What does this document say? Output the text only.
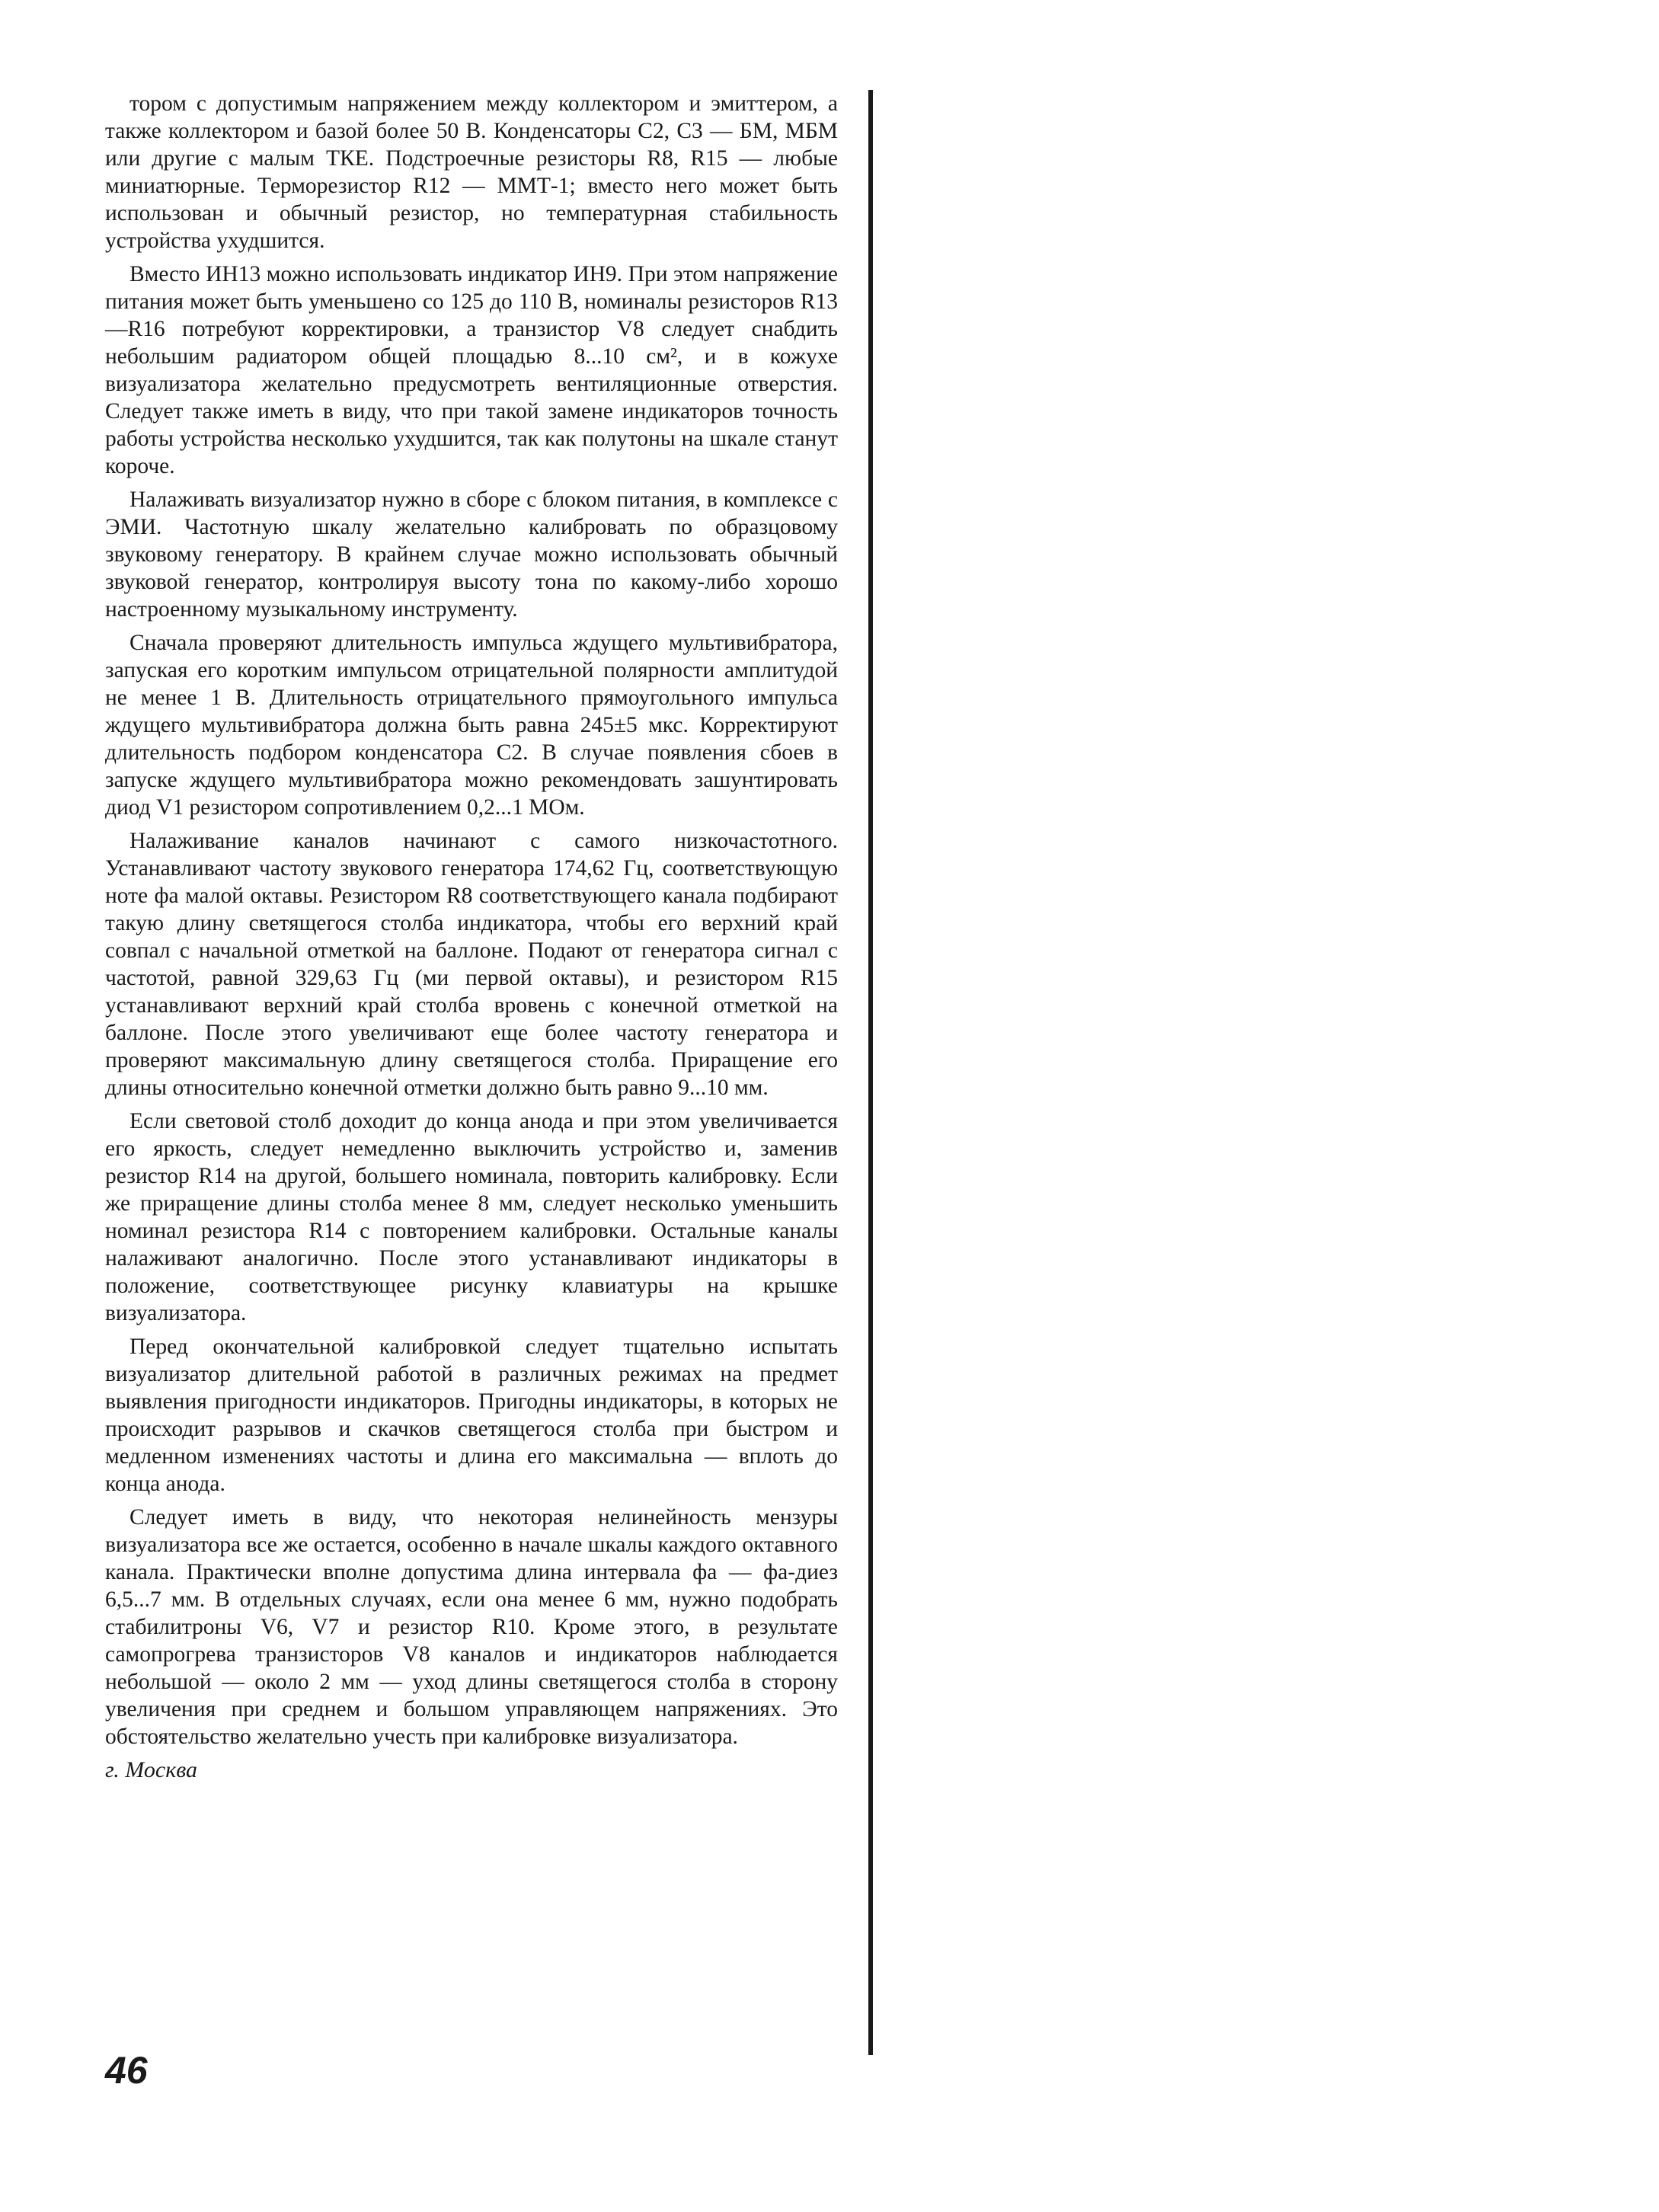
тором с допустимым напряжением между коллектором и эмиттером, а также коллектором и базой более 50 В. Конденсаторы С2, С3 — БМ, МБМ или другие с малым ТКЕ. Подстроечные резисторы R8, R15 — любые миниатюрные. Терморезистор R12 — ММТ-1; вместо него может быть использован и обычный резистор, но температурная стабильность устройства ухудшится.

Вместо ИН13 можно использовать индикатор ИН9. При этом напряжение питания может быть уменьшено со 125 до 110 В, номиналы резисторов R13—R16 потребуют корректировки, а транзистор V8 следует снабдить небольшим радиатором общей площадью 8...10 см², и в кожухе визуализатора желательно предусмотреть вентиляционные отверстия. Следует также иметь в виду, что при такой замене индикаторов точность работы устройства несколько ухудшится, так как полутоны на шкале станут короче.

Налаживать визуализатор нужно в сборе с блоком питания, в комплексе с ЭМИ. Частотную шкалу желательно калибровать по образцовому звуковому генератору. В крайнем случае можно использовать обычный звуковой генератор, контролируя высоту тона по какому-либо хорошо настроенному музыкальному инструменту.

Сначала проверяют длительность импульса ждущего мультивибратора, запуская его коротким импульсом отрицательной полярности амплитудой не менее 1 В. Длительность отрицательного прямоугольного импульса ждущего мультивибратора должна быть равна 245±5 мкс. Корректируют длительность подбором конденсатора С2. В случае появления сбоев в запуске ждущего мультивибратора можно рекомендовать зашунтировать диод V1 резистором сопротивлением 0,2...1 МОм.

Налаживание каналов начинают с самого низкочастотного. Устанавливают частоту звукового генератора 174,62 Гц, соответствующую ноте фа малой октавы. Резистором R8 соответствующего канала подбирают такую длину светящегося столба индикатора, чтобы его верхний край совпал с начальной отметкой на баллоне. Подают от генератора сигнал с частотой, равной 329,63 Гц (ми первой октавы), и резистором R15 устанавливают верхний край столба вровень с конечной отметкой на баллоне. После этого увеличивают еще более частоту генератора и проверяют максимальную длину светящегося столба. Приращение его длины относительно конечной отметки должно быть равно 9...10 мм.

Если световой столб доходит до конца анода и при этом увеличивается его яркость, следует немедленно выключить устройство и, заменив резистор R14 на другой, большего номинала, повторить калибровку. Если же приращение длины столба менее 8 мм, следует несколько уменьшить номинал резистора R14 с повторением калибровки. Остальные каналы налаживают аналогично. После этого устанавливают индикаторы в положение, соответствующее рисунку клавиатуры на крышке визуализатора.

Перед окончательной калибровкой следует тщательно испытать визуализатор длительной работой в различных режимах на предмет выявления пригодности индикаторов. Пригодны индикаторы, в которых не происходит разрывов и скачков светящегося столба при быстром и медленном изменениях частоты и длина его максимальна — вплоть до конца анода.

Следует иметь в виду, что некоторая нелинейность мензуры визуализатора все же остается, особенно в начале шкалы каждого октавного канала. Практически вполне допустима длина интервала фа — фа-диез 6,5...7 мм. В отдельных случаях, если она менее 6 мм, нужно подобрать стабилитроны V6, V7 и резистор R10. Кроме этого, в результате самопрогрева транзисторов V8 каналов и индикаторов наблюдается небольшой — около 2 мм — уход длины светящегося столба в сторону увеличения при среднем и большом управляющем напряжениях. Это обстоятельство желательно учесть при калибровке визуализатора.

г. Москва

46
